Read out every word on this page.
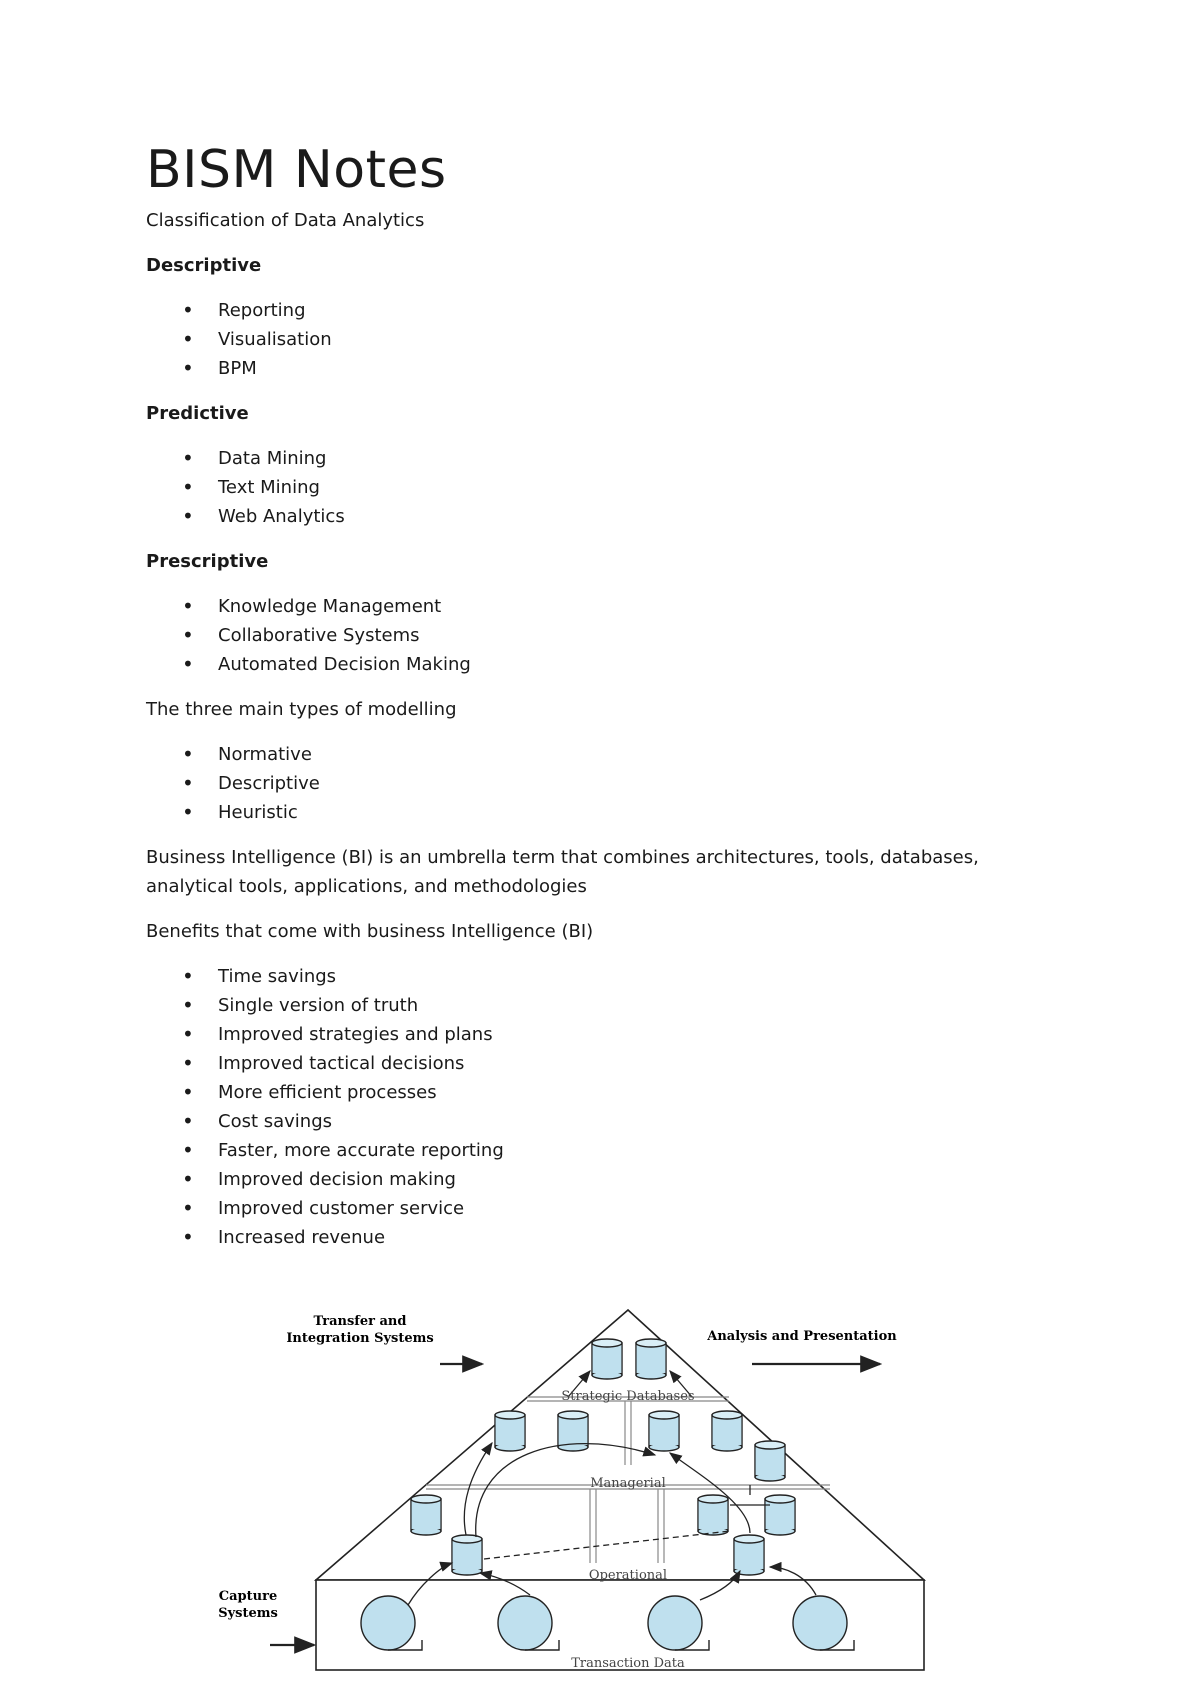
BISM Notes

Classification of Data Analytics

Descriptive

• Reporting
• Visualisation
• BPM

Predictive

• Data Mining
• Text Mining
• Web Analytics

Prescriptive

• Knowledge Management
• Collaborative Systems
• Automated Decision Making

The three main types of modelling

• Normative
• Descriptive
• Heuristic

Business Intelligence (BI) is an umbrella term that combines architectures, tools, databases, analytical tools, applications, and methodologies

Benefits that come with business Intelligence (BI)

• Time savings
• Single version of truth
• Improved strategies and plans
• Improved tactical decisions
• More efficient processes
• Cost savings
• Faster, more accurate reporting
• Improved decision making
• Improved customer service
• Increased revenue
Strategic Databases
Managerial
Operational
Transaction Data
Transfer and
Integration Systems	Analysis and Presentation
Capture
Systems
